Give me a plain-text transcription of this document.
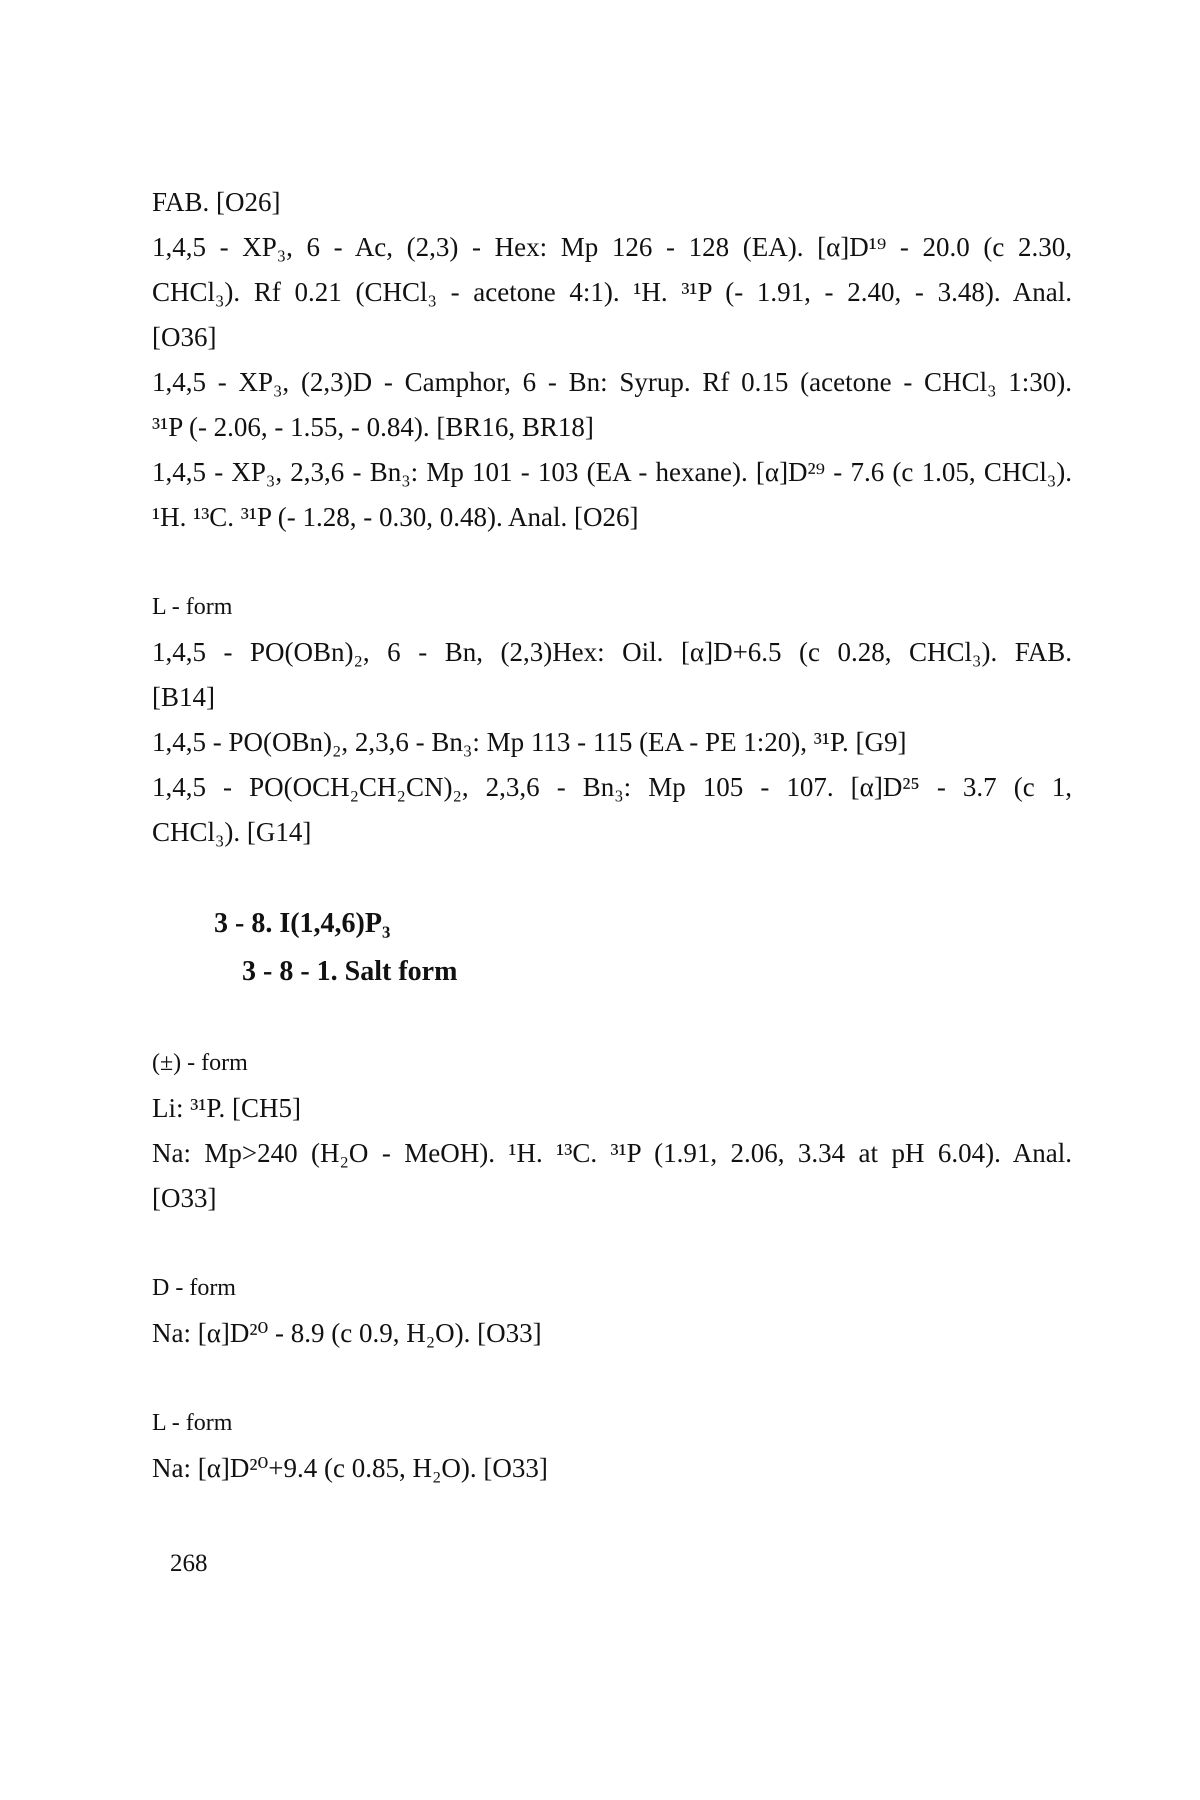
FAB. [O26]

1,4,5 - XP₃, 6 - Ac, (2,3) - Hex: Mp 126 - 128 (EA). [α]D¹⁹ - 20.0 (c 2.30,
CHCl₃). Rf 0.21 (CHCl₃ - acetone 4:1). ¹H. ³¹P (- 1.91, - 2.40, - 3.48). Anal.
[O36]

1,4,5 - XP₃, (2,3)D - Camphor, 6 - Bn: Syrup. Rf 0.15 (acetone - CHCl₃ 1:30).
³¹P (- 2.06, - 1.55, - 0.84). [BR16, BR18]

1,4,5 - XP₃, 2,3,6 - Bn₃: Mp 101 - 103 (EA - hexane). [α]D²⁹ - 7.6 (c 1.05, CHCl₃).
¹H. ¹³C. ³¹P (- 1.28, - 0.30, 0.48). Anal. [O26]

L - form

1,4,5 - PO(OBn)₂, 6 - Bn, (2,3)Hex: Oil. [α]D+6.5 (c 0.28, CHCl₃). FAB.
[B14]

1,4,5 - PO(OBn)₂, 2,3,6 - Bn₃: Mp 113 - 115 (EA - PE 1:20), ³¹P. [G9]

1,4,5 - PO(OCH₂CH₂CN)₂, 2,3,6 - Bn₃: Mp 105 - 107. [α]D²⁵ - 3.7 (c 1,
CHCl₃). [G14]

3 - 8. I(1,4,6)P₃
3 - 8 - 1. Salt form
(±) - form

Li: ³¹P. [CH5]

Na: Mp>240 (H₂O - MeOH). ¹H. ¹³C. ³¹P (1.91, 2.06, 3.34 at pH 6.04). Anal.
[O33]

D - form

Na: [α]D²⁰ - 8.9 (c 0.9, H₂O). [O33]

L - form

Na: [α]D²⁰+9.4 (c 0.85, H₂O). [O33]

268
